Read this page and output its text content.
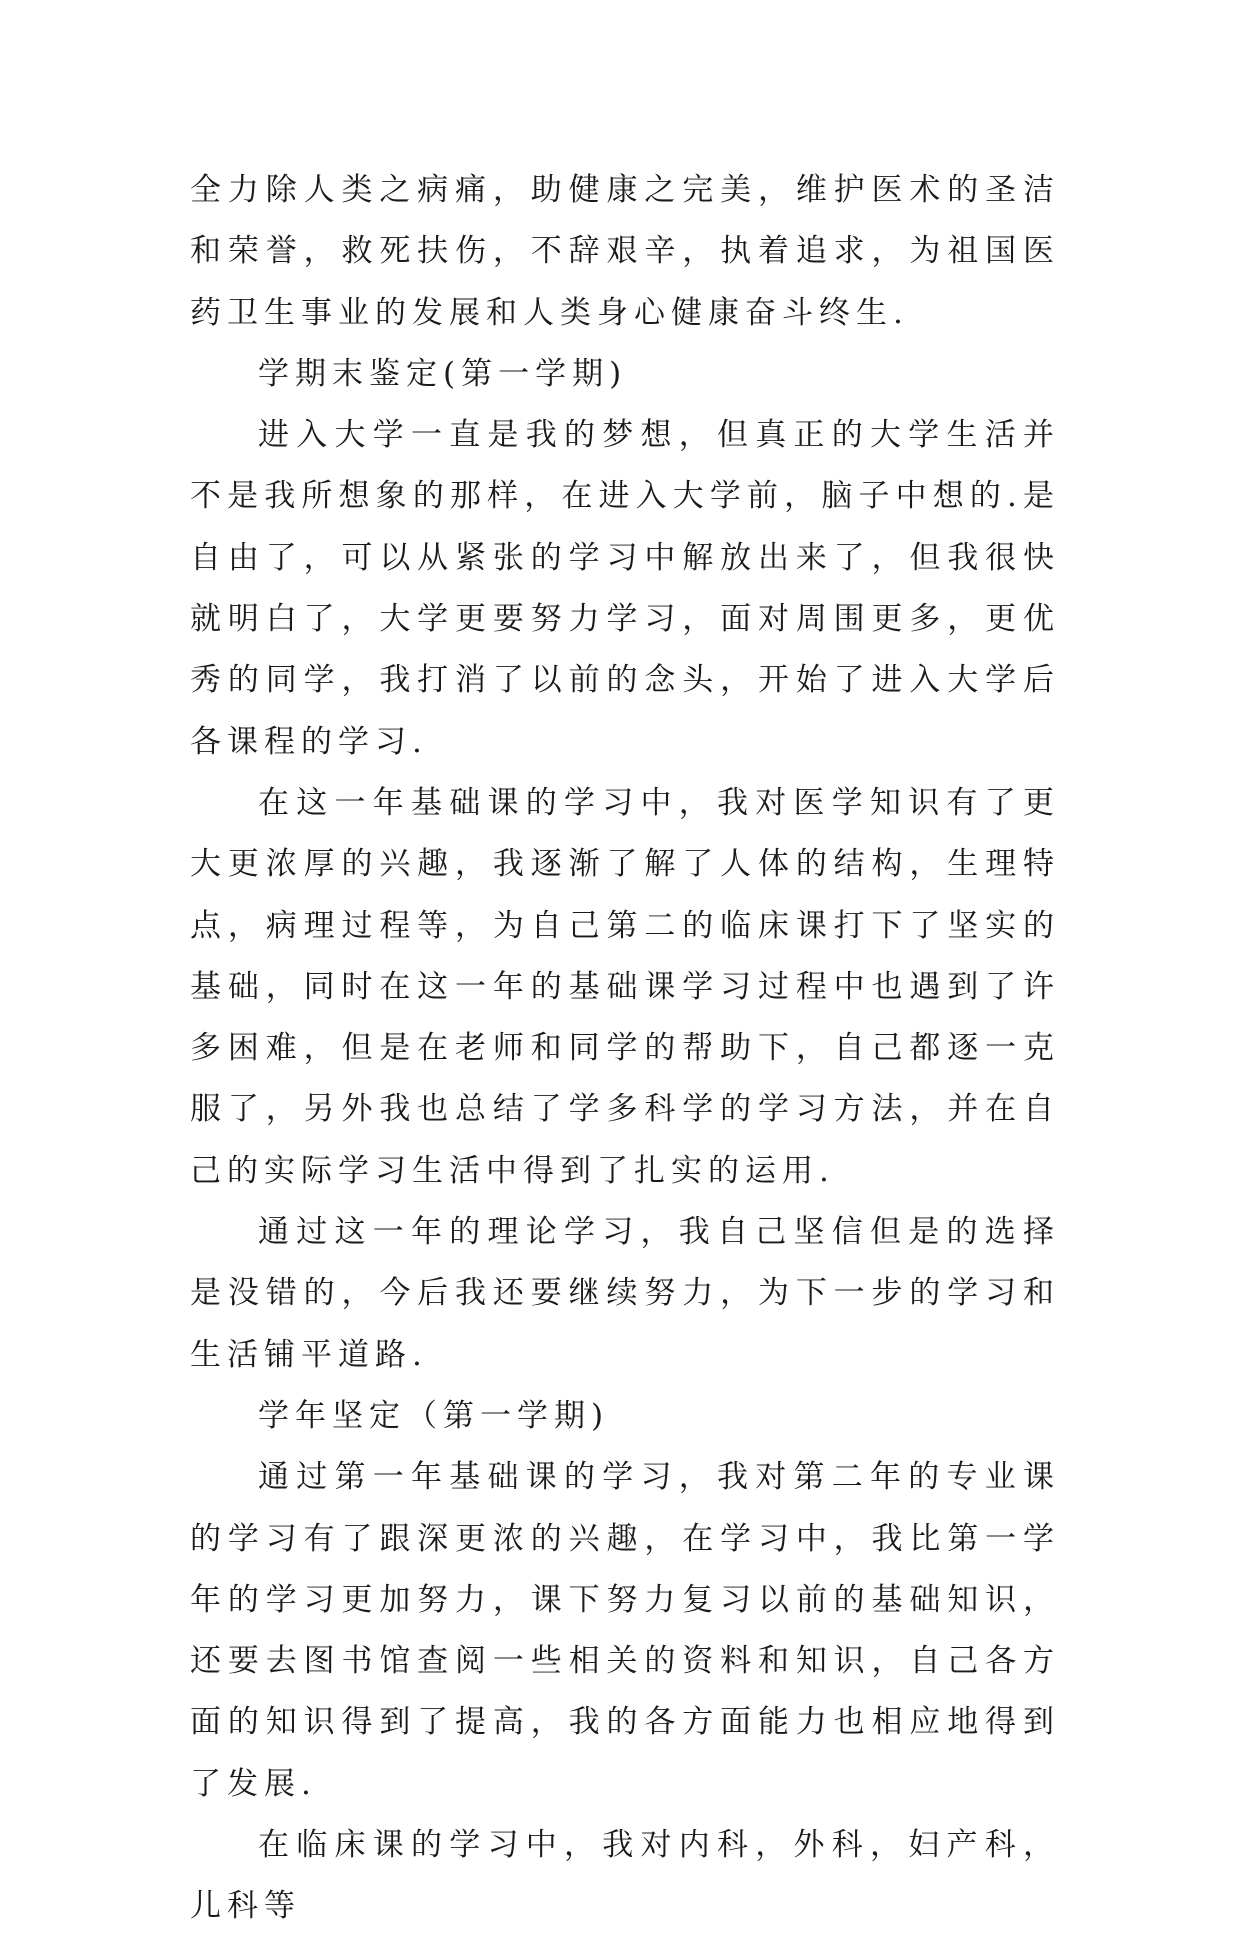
全力除人类之病痛，助健康之完美，维护医术的圣洁和荣誉，救死扶伤，不辞艰辛，执着追求，为祖国医药卫生事业的发展和人类身心健康奋斗终生.

学期末鉴定(第一学期)

进入大学一直是我的梦想，但真正的大学生活并不是我所想象的那样，在进入大学前，脑子中想的.是自由了，可以从紧张的学习中解放出来了，但我很快就明白了，大学更要努力学习，面对周围更多，更优秀的同学，我打消了以前的念头，开始了进入大学后各课程的学习.

在这一年基础课的学习中，我对医学知识有了更大更浓厚的兴趣，我逐渐了解了人体的结构，生理特点，病理过程等，为自己第二的临床课打下了坚实的基础，同时在这一年的基础课学习过程中也遇到了许多困难，但是在老师和同学的帮助下，自己都逐一克服了，另外我也总结了学多科学的学习方法，并在自己的实际学习生活中得到了扎实的运用.

通过这一年的理论学习，我自己坚信但是的选择是没错的，今后我还要继续努力，为下一步的学习和生活铺平道路.

学年坚定（第一学期)

通过第一年基础课的学习，我对第二年的专业课的学习有了跟深更浓的兴趣，在学习中，我比第一学年的学习更加努力，课下努力复习以前的基础知识，还要去图书馆查阅一些相关的资料和知识，自己各方面的知识得到了提高，我的各方面能力也相应地得到了发展.

在临床课的学习中，我对内科，外科，妇产科，儿科等
